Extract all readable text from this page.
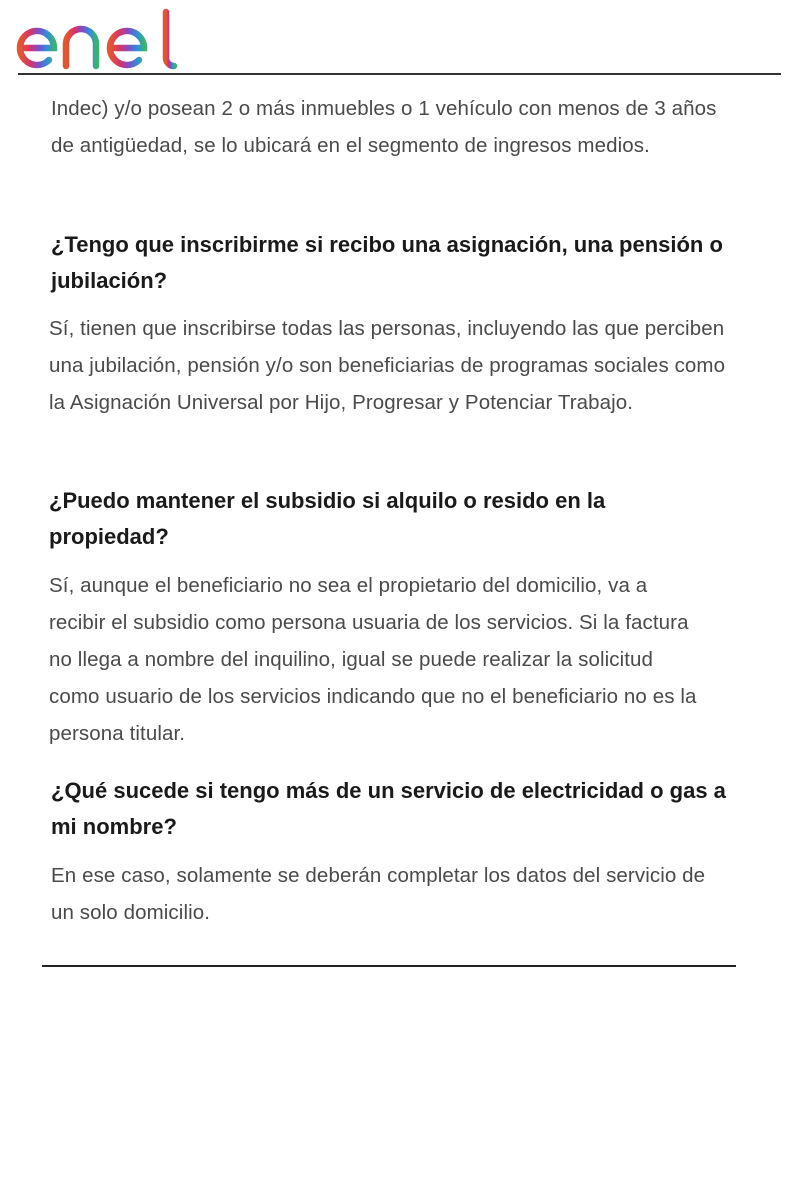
Indec) y/o posean 2 o más inmuebles o 1 vehículo con menos de 3 años de antigüedad, se lo ubicará en el segmento de ingresos medios.

¿Tengo que inscribirme si recibo una asignación, una pensión o jubilación?

Sí, tienen que inscribirse todas las personas, incluyendo las que perciben una jubilación, pensión y/o son beneficiarias de programas sociales como la Asignación Universal por Hijo, Progresar y Potenciar Trabajo.

¿Puedo mantener el subsidio si alquilo o resido en la propiedad?

Sí, aunque el beneficiario no sea el propietario del domicilio, va a recibir el subsidio como persona usuaria de los servicios. Si la factura no llega a nombre del inquilino, igual se puede realizar la solicitud como usuario de los servicios indicando que no el beneficiario no es la persona titular.

¿Qué sucede si tengo más de un servicio de electricidad o gas a mi nombre?

En ese caso, solamente se deberán completar los datos del servicio de un solo domicilio.
